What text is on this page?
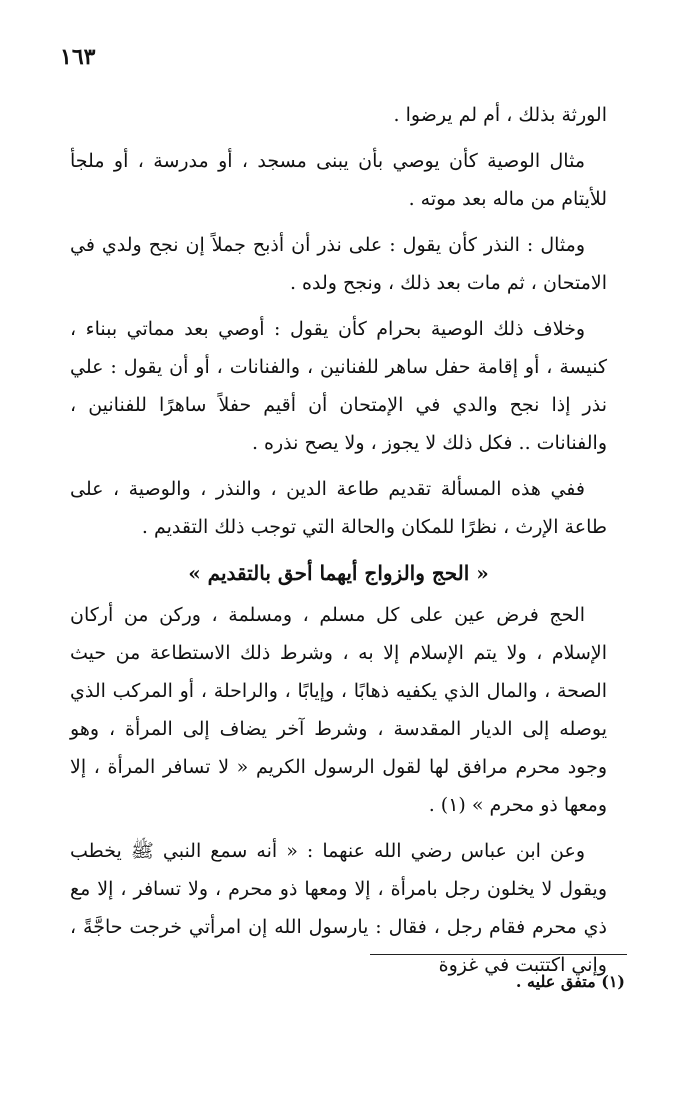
١٦٣

الورثة بذلك ، أم لم يرضوا .

مثال الوصية كأن يوصي بأن يبنى مسجد ، أو مدرسة ، أو ملجأ للأيتام من ماله بعد موته .

ومثال : النذر كأن يقول : على نذر أن أذبح جملاً إن نجح ولدي في الامتحان ، ثم مات بعد ذلك ، ونجح ولده .

وخلاف ذلك الوصية بحرام كأن يقول : أوصي بعد مماتي ببناء ، كنيسة ، أو إقامة حفل ساهر للفنانين ، والفنانات ، أو أن يقول : علي نذر إذا نجح والدي في الإمتحان أن أقيم حفلاً ساهرًا للفنانين ، والفنانات .. فكل ذلك لا يجوز ، ولا يصح نذره .

ففي هذه المسألة تقديم طاعة الدين ، والنذر ، والوصية ، على طاعة الإرث ، نظرًا للمكان والحالة التي توجب ذلك التقديم .

« الحج والزواج أيهما أحق بالتقديم »

الحج فرض عين على كل مسلم ، ومسلمة ، وركن من أركان الإسلام ، ولا يتم الإسلام إلا به ، وشرط ذلك الاستطاعة من حيث الصحة ، والمال الذي يكفيه ذهابًا ، وإيابًا ، والراحلة ، أو المركب الذي يوصله إلى الديار المقدسة ، وشرط آخر يضاف إلى المرأة ، وهو وجود محرم مرافق لها لقول الرسول الكريم « لا تسافر المرأة ، إلا ومعها ذو محرم » (١) .

وعن ابن عباس رضي الله عنهما : « أنه سمع النبي ﷺ يخطب ويقول لا يخلون رجل بامرأة ، إلا ومعها ذو محرم ، ولا تسافر ، إلا مع ذي محرم فقام رجل ، فقال : يارسول الله إن امرأتي خرجت حاجَّةً ، وإني اكتتبت في غزوة

(١) متفق عليه .
